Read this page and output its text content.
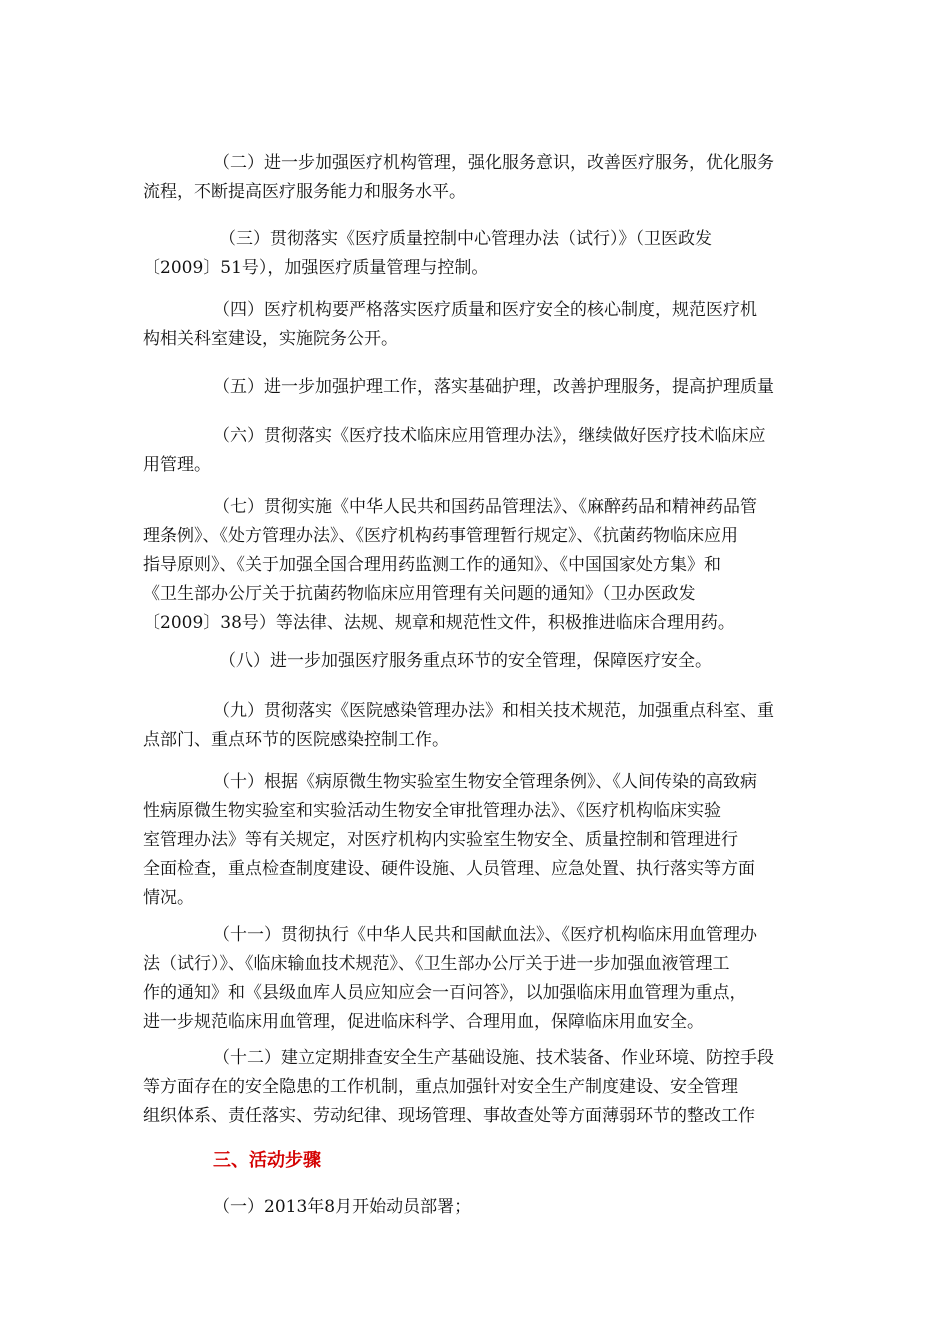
（二）进一步加强医疗机构管理，强化服务意识，改善医疗服务，优化服务
流程，不断提高医疗服务能力和服务水平。
（三）贯彻落实《医疗质量控制中心管理办法（试行）》（卫医政发
〔2009〕51号），加强医疗质量管理与控制。
（四）医疗机构要严格落实医疗质量和医疗安全的核心制度，规范医疗机
构相关科室建设，实施院务公开。
（五）进一步加强护理工作，落实基础护理，改善护理服务，提高护理质量
（六）贯彻落实《医疗技术临床应用管理办法》，继续做好医疗技术临床应
用管理。
（七）贯彻实施《中华人民共和国药品管理法》、《麻醉药品和精神药品管
理条例》、《处方管理办法》、《医疗机构药事管理暂行规定》、《抗菌药物临床应用
指导原则》、《关于加强全国合理用药监测工作的通知》、《中国国家处方集》和
《卫生部办公厅关于抗菌药物临床应用管理有关问题的通知》（卫办医政发
〔2009〕38号）等法律、法规、规章和规范性文件，积极推进临床合理用药。
（八）进一步加强医疗服务重点环节的安全管理，保障医疗安全。
（九）贯彻落实《医院感染管理办法》和相关技术规范，加强重点科室、重
点部门、重点环节的医院感染控制工作。
（十）根据《病原微生物实验室生物安全管理条例》、《人间传染的高致病
性病原微生物实验室和实验活动生物安全审批管理办法》、《医疗机构临床实验
室管理办法》等有关规定，对医疗机构内实验室生物安全、质量控制和管理进行
全面检查，重点检查制度建设、硬件设施、人员管理、应急处置、执行落实等方面
情况。
（十一）贯彻执行《中华人民共和国献血法》、《医疗机构临床用血管理办
法（试行）》、《临床输血技术规范》、《卫生部办公厅关于进一步加强血液管理工
作的通知》和《县级血库人员应知应会一百问答》，以加强临床用血管理为重点，
进一步规范临床用血管理，促进临床科学、合理用血，保障临床用血安全。
（十二）建立定期排查安全生产基础设施、技术装备、作业环境、防控手段
等方面存在的安全隐患的工作机制，重点加强针对安全生产制度建设、安全管理
组织体系、责任落实、劳动纪律、现场管理、事故查处等方面薄弱环节的整改工作
三、活动步骤
（一）2013年8月开始动员部署；
